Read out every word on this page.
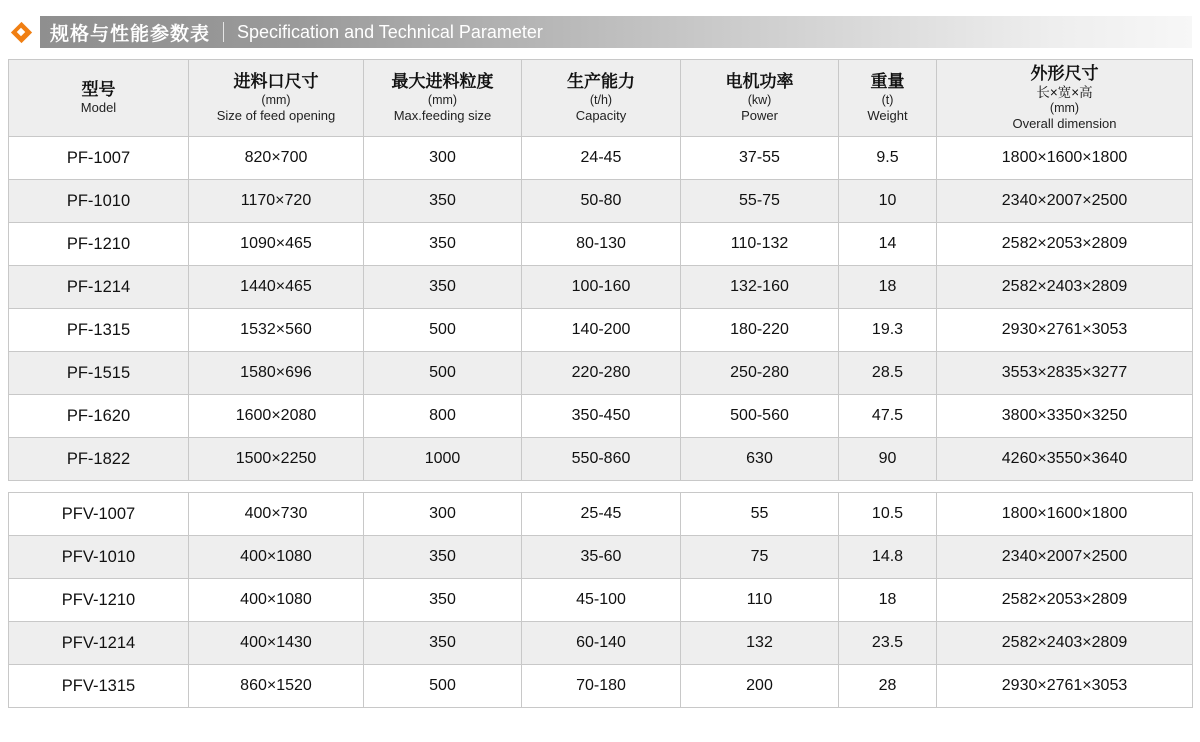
规格与性能参数表 Specification and Technical Parameter
型号
Model	进料口尺寸
(mm)
Size of feed opening	最大进料粒度
(mm)
Max.feeding size	生产能力
(t/h)
Capacity	电机功率
(kw)
Power	重量
(t)
Weight	外形尺寸
长×宽×高
(mm)
Overall dimension

PF-1007	820×700	300	24-45	37-55	9.5	1800×1600×1800
PF-1010	1170×720	350	50-80	55-75	10	2340×2007×2500
PF-1210	1090×465	350	80-130	110-132	14	2582×2053×2809
PF-1214	1440×465	350	100-160	132-160	18	2582×2403×2809
PF-1315	1532×560	500	140-200	180-220	19.3	2930×2761×3053
PF-1515	1580×696	500	220-280	250-280	28.5	3553×2835×3277
PF-1620	1600×2080	800	350-450	500-560	47.5	3800×3350×3250
PF-1822	1500×2250	1000	550-860	630	90	4260×3550×3640
PFV-1007	400×730	300	25-45	55	10.5	1800×1600×1800
PFV-1010	400×1080	350	35-60	75	14.8	2340×2007×2500
PFV-1210	400×1080	350	45-100	110	18	2582×2053×2809
PFV-1214	400×1430	350	60-140	132	23.5	2582×2403×2809
PFV-1315	860×1520	500	70-180	200	28	2930×2761×3053
